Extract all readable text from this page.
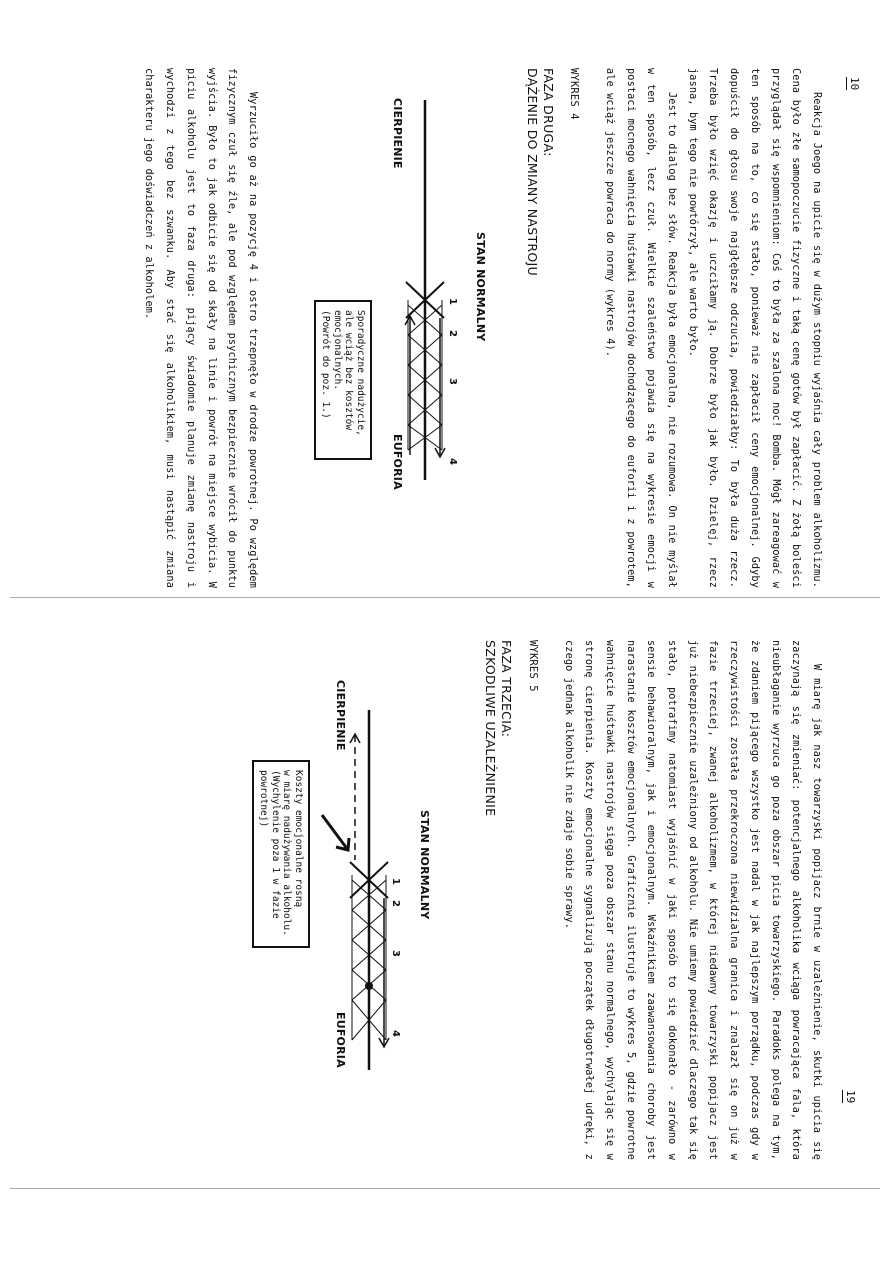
Reakcja Joego na upicie się w dużym stopniu wyjaśnia cały problem alkoholizmu. Cena było złe samopoczucie fizyczne i taką cenę gotów był zapłacić. Z żołą boleści przyglądał się wspomnieniom: Coś to była za szalona noc! Bomba. Mógł zareagować w ten sposób na to, co się stało, ponieważ nie zapłacił ceny emocjonalnej. Gdyby dopuścił do głosu swoje najgłębsze odczucia, powiedziałby: To była duża rzecz. Trzeba było wzięć okazję i uczciłamy ją. Dobrze było jak było. Dzielęj, rzecz jasna, bym tego nie powtórzył, ale warto było.

Jest to dialog bez słów. Reakcja była emocjonalna, nie rozumowa. On nie myślał w ten sposób, lecz czuł. Wielkie szaleństwo pojawia się na wykresie emocji w postaci mocnego wahnięcia huśtawki nastrojów dochodzącego do euforii i z powrotem, ale wciąż jeszcze powraca do normy (wykres 4).

WYKRES 4
FAZA DRUGA:
DĄŻENIE DO ZMIANY NASTROJU	10
STAN NORMALNY
CIERPIENIE
EUFORIA
1
2
3
4
Sporadyczne nadużycie,
ale wciąż bez kosztów
emocjonalnych.
(Powrót do poz. 1.)

Wyrzuciło go aż na pozycję 4 i ostro trzepnęło w drodze powrotnej. Po względem fizycznym czuł się źle, ale pod względem psychicznym bezpiecznie wrócił do punktu wyjścia. Było to jak odbicie się od skały na linie i powrót na miejsce wybicia. W piciu alkoholu jest to faza druga: pijący świadomie planuje zmianę nastroju i wychodzi z tego bez szwanku. Aby stać się alkoholikiem, musi nastąpić zmiana charakteru jego doświadczeń z alkoholem.

W miarę jak nasz towarzyski popijacz brnie w uzależnienie, skutki upicia się zaczynają się zmieniać: potencjalnego alkoholika wciąga powracająca fala, która nieubłaganie wyrzuca go poza obszar picia towarzyskiego. Paradoks polega na tym, że zdaniem pijącego wszystko jest nadal w jak najlepszym porządku, podczas gdy w rzeczywistości została przekroczona niewidzialna granica i znalazł się on już w fazie trzeciej, zwanej alkoholizmem, w której niedawny towarzyski popijacz jest już niebezpiecznie uzależniony od alkoholu. Nie umiemy powiedzieć dlaczego tak się stało, potrafimy natomiast wyjaśnić w jaki sposób to się dokonało - zarówno w sensie behawioralnym, jak i emocjonalnym. Wskaźnikiem zaawansowania choroby jest narastanie kosztów emocjonalnych. Graficznie ilustruje to wykres 5, gdzie powrotne wahnięcie huśtawki nastrojów sięga poza obszar stanu normalnego, wychylając się w stronę cierpienia. Koszty emocjonalne sygnalizują początek długotrwałej udręki, z czego jednak alkoholik nie zdaje sobie sprawy.

WYKRES 5
FAZA TRZECIA:
SZKODLIWE UZALEŻNIENIE
19
STAN NORMALNY
CIERPIENIE
EUFORIA
1
2
3
4
Koszty emocjonalne rosną
w miarę nadużywania alkoholu.
(Wychylenie poza 1 w fazie
powrotnej)
